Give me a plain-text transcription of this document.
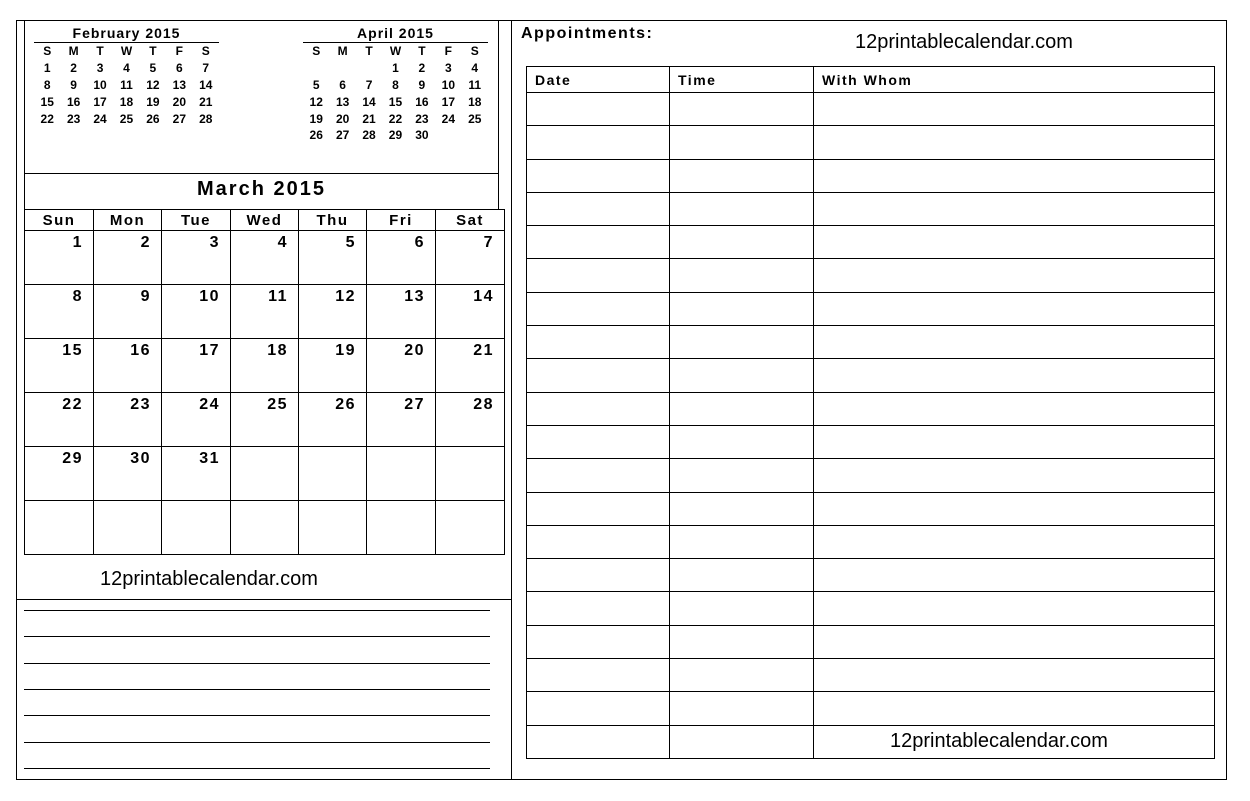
February 2015
S	M	T	W	T	F	S
1	2	3	4	5	6	7
8	9	10	11	12	13	14
15	16	17	18	19	20	21
22	23	24	25	26	27	28
April 2015
S	M	T	W	T	F	S
			1	2	3	4
5	6	7	8	9	10	11
12	13	14	15	16	17	18
19	20	21	22	23	24	25
26	27	28	29	30		
March 2015
Sun	Mon	Tue	Wed	Thu	Fri	Sat
1	2	3	4	5	6	7
8	9	10	11	12	13	14
15	16	17	18	19	20	21
22	23	24	25	26	27	28
29	30	31				

12printablecalendar.com
Appointments:	12printablecalendar.com
Date	Time	With Whom

12printablecalendar.com
